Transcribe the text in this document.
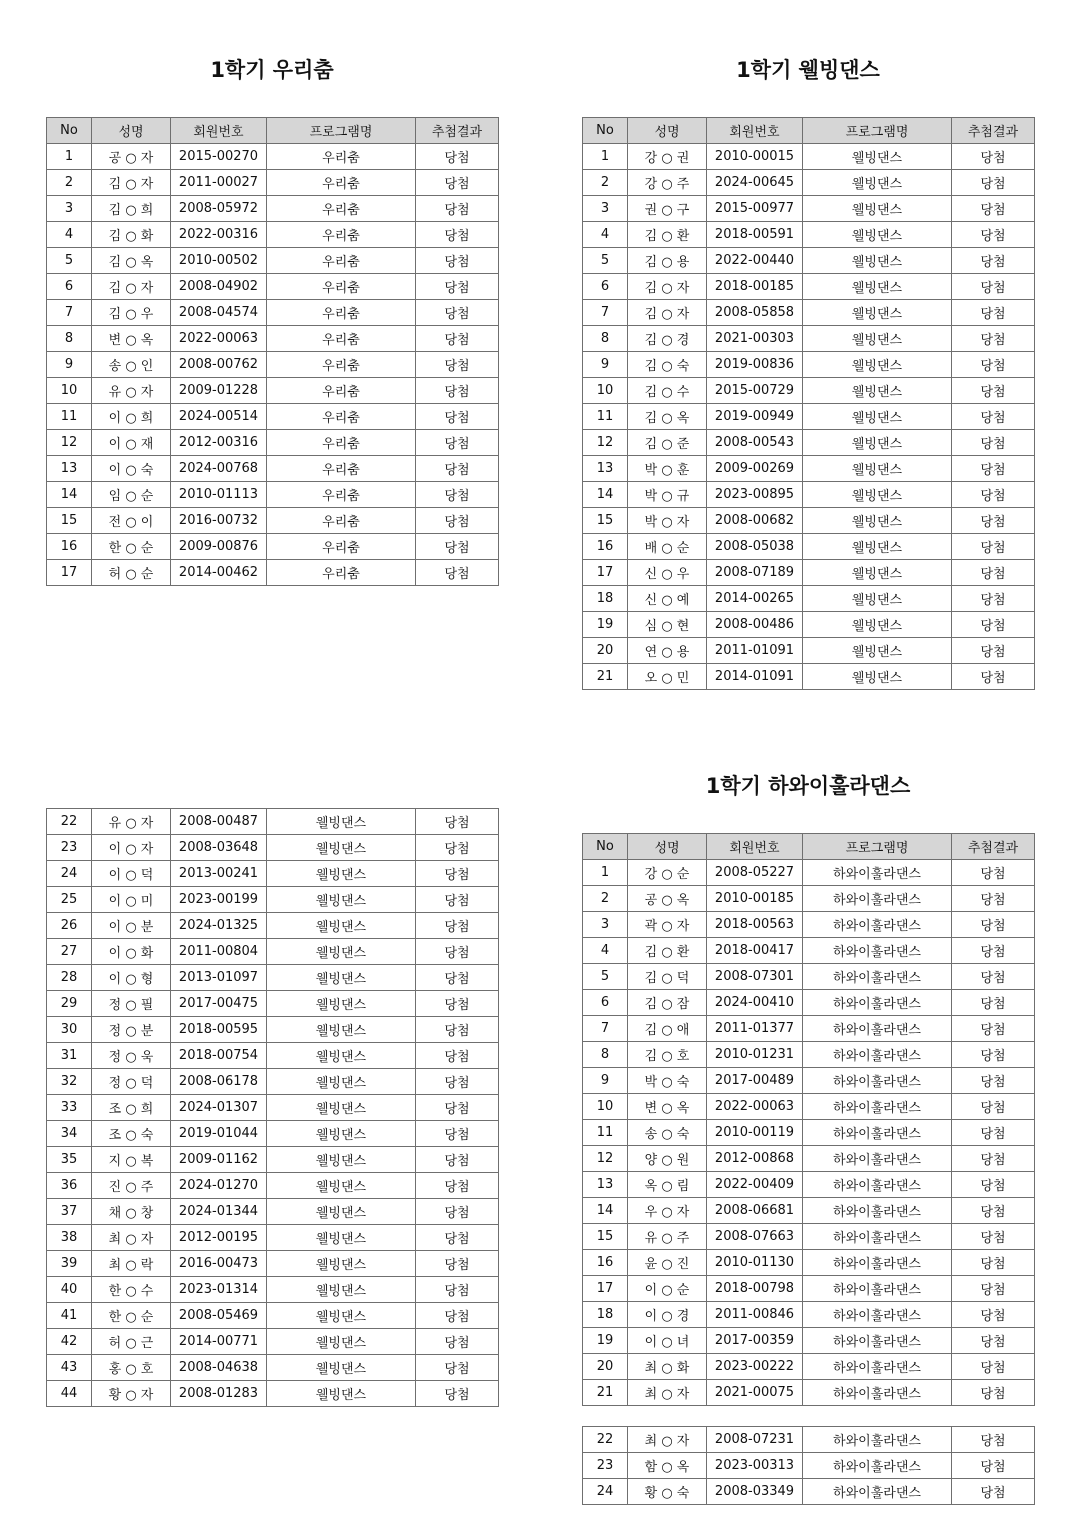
1학기 우리춤	1학기 웰빙댄스
1학기 하와이훌라댄스
No	성명	회원번호	프로그램명	추첨결과
1	공 ○ 자	2015-00270	우리춤	당첨
2	김 ○ 자	2011-00027	우리춤	당첨
3	김 ○ 희	2008-05972	우리춤	당첨
4	김 ○ 화	2022-00316	우리춤	당첨
5	김 ○ 옥	2010-00502	우리춤	당첨
6	김 ○ 자	2008-04902	우리춤	당첨
7	김 ○ 우	2008-04574	우리춤	당첨
8	변 ○ 옥	2022-00063	우리춤	당첨
9	송 ○ 인	2008-00762	우리춤	당첨
10	유 ○ 자	2009-01228	우리춤	당첨
11	이 ○ 희	2024-00514	우리춤	당첨
12	이 ○ 재	2012-00316	우리춤	당첨
13	이 ○ 숙	2024-00768	우리춤	당첨
14	임 ○ 순	2010-01113	우리춤	당첨
15	전 ○ 이	2016-00732	우리춤	당첨
16	한 ○ 순	2009-00876	우리춤	당첨
17	허 ○ 순	2014-00462	우리춤	당첨
No	성명	회원번호	프로그램명	추첨결과
1	강 ○ 권	2010-00015	웰빙댄스	당첨
2	강 ○ 주	2024-00645	웰빙댄스	당첨
3	권 ○ 구	2015-00977	웰빙댄스	당첨
4	김 ○ 환	2018-00591	웰빙댄스	당첨
5	김 ○ 용	2022-00440	웰빙댄스	당첨
6	김 ○ 자	2018-00185	웰빙댄스	당첨
7	김 ○ 자	2008-05858	웰빙댄스	당첨
8	김 ○ 경	2021-00303	웰빙댄스	당첨
9	김 ○ 숙	2019-00836	웰빙댄스	당첨
10	김 ○ 수	2015-00729	웰빙댄스	당첨
11	김 ○ 옥	2019-00949	웰빙댄스	당첨
12	김 ○ 준	2008-00543	웰빙댄스	당첨
13	박 ○ 훈	2009-00269	웰빙댄스	당첨
14	박 ○ 규	2023-00895	웰빙댄스	당첨
15	박 ○ 자	2008-00682	웰빙댄스	당첨
16	배 ○ 순	2008-05038	웰빙댄스	당첨
17	신 ○ 우	2008-07189	웰빙댄스	당첨
18	신 ○ 예	2014-00265	웰빙댄스	당첨
19	심 ○ 현	2008-00486	웰빙댄스	당첨
20	연 ○ 용	2011-01091	웰빙댄스	당첨
21	오 ○ 민	2014-01091	웰빙댄스	당첨
22	유 ○ 자	2008-00487	웰빙댄스	당첨
23	이 ○ 자	2008-03648	웰빙댄스	당첨
24	이 ○ 덕	2013-00241	웰빙댄스	당첨
25	이 ○ 미	2023-00199	웰빙댄스	당첨
26	이 ○ 분	2024-01325	웰빙댄스	당첨
27	이 ○ 화	2011-00804	웰빙댄스	당첨
28	이 ○ 형	2013-01097	웰빙댄스	당첨
29	정 ○ 필	2017-00475	웰빙댄스	당첨
30	정 ○ 분	2018-00595	웰빙댄스	당첨
31	정 ○ 욱	2018-00754	웰빙댄스	당첨
32	정 ○ 덕	2008-06178	웰빙댄스	당첨
33	조 ○ 희	2024-01307	웰빙댄스	당첨
34	조 ○ 숙	2019-01044	웰빙댄스	당첨
35	지 ○ 복	2009-01162	웰빙댄스	당첨
36	진 ○ 주	2024-01270	웰빙댄스	당첨
37	채 ○ 창	2024-01344	웰빙댄스	당첨
38	최 ○ 자	2012-00195	웰빙댄스	당첨
39	최 ○ 락	2016-00473	웰빙댄스	당첨
40	한 ○ 수	2023-01314	웰빙댄스	당첨
41	한 ○ 순	2008-05469	웰빙댄스	당첨
42	허 ○ 근	2014-00771	웰빙댄스	당첨
43	홍 ○ 호	2008-04638	웰빙댄스	당첨
44	황 ○ 자	2008-01283	웰빙댄스	당첨
No	성명	회원번호	프로그램명	추첨결과
1	강 ○ 순	2008-05227	하와이훌라댄스	당첨
2	공 ○ 옥	2010-00185	하와이훌라댄스	당첨
3	곽 ○ 자	2018-00563	하와이훌라댄스	당첨
4	김 ○ 환	2018-00417	하와이훌라댄스	당첨
5	김 ○ 덕	2008-07301	하와이훌라댄스	당첨
6	김 ○ 잠	2024-00410	하와이훌라댄스	당첨
7	김 ○ 애	2011-01377	하와이훌라댄스	당첨
8	김 ○ 호	2010-01231	하와이훌라댄스	당첨
9	박 ○ 숙	2017-00489	하와이훌라댄스	당첨
10	변 ○ 옥	2022-00063	하와이훌라댄스	당첨
11	송 ○ 숙	2010-00119	하와이훌라댄스	당첨
12	양 ○ 원	2012-00868	하와이훌라댄스	당첨
13	옥 ○ 림	2022-00409	하와이훌라댄스	당첨
14	우 ○ 자	2008-06681	하와이훌라댄스	당첨
15	유 ○ 주	2008-07663	하와이훌라댄스	당첨
16	윤 ○ 진	2010-01130	하와이훌라댄스	당첨
17	이 ○ 순	2018-00798	하와이훌라댄스	당첨
18	이 ○ 경	2011-00846	하와이훌라댄스	당첨
19	이 ○ 녀	2017-00359	하와이훌라댄스	당첨
20	최 ○ 화	2023-00222	하와이훌라댄스	당첨
21	최 ○ 자	2021-00075	하와이훌라댄스	당첨
22	최 ○ 자	2008-07231	하와이훌라댄스	당첨
23	함 ○ 옥	2023-00313	하와이훌라댄스	당첨
24	황 ○ 숙	2008-03349	하와이훌라댄스	당첨
